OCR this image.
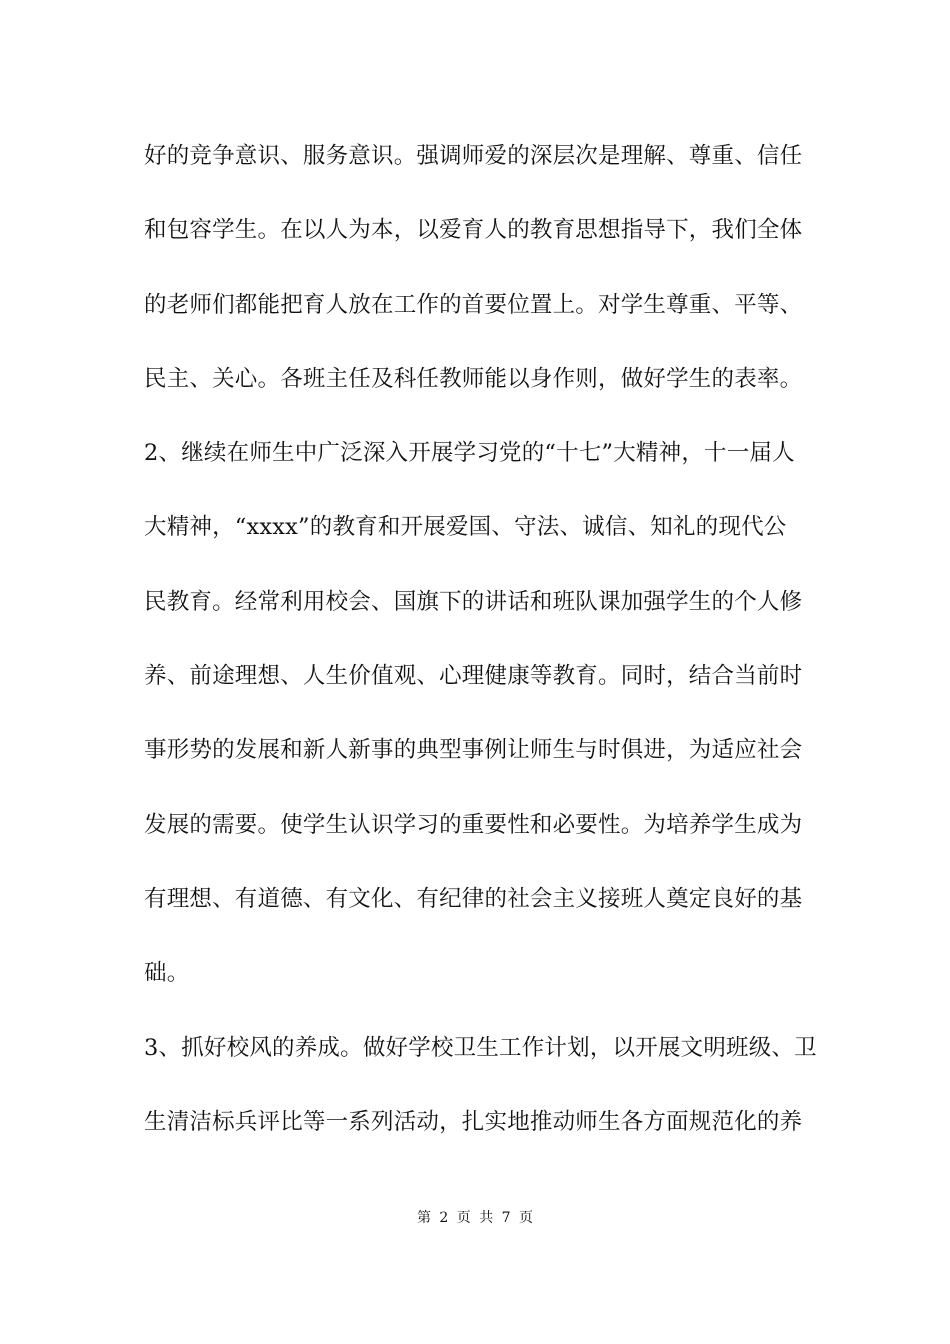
好的竞争意识、服务意识。强调师爱的深层次是理解、尊重、信任
和包容学生。在以人为本，以爱育人的教育思想指导下，我们全体
的老师们都能把育人放在工作的首要位置上。对学生尊重、平等、
民主、关心。各班主任及科任教师能以身作则，做好学生的表率。
2、继续在师生中广泛深入开展学习党的“十七”大精神，十一届人
大精神，“xxxx”的教育和开展爱国、守法、诚信、知礼的现代公
民教育。经常利用校会、国旗下的讲话和班队课加强学生的个人修
养、前途理想、人生价值观、心理健康等教育。同时，结合当前时
事形势的发展和新人新事的典型事例让师生与时俱进，为适应社会
发展的需要。使学生认识学习的重要性和必要性。为培养学生成为
有理想、有道德、有文化、有纪律的社会主义接班人奠定良好的基
础。
3、抓好校风的养成。做好学校卫生工作计划，以开展文明班级、卫
生清洁标兵评比等一系列活动，扎实地推动师生各方面规范化的养
第 2 页 共 7 页
